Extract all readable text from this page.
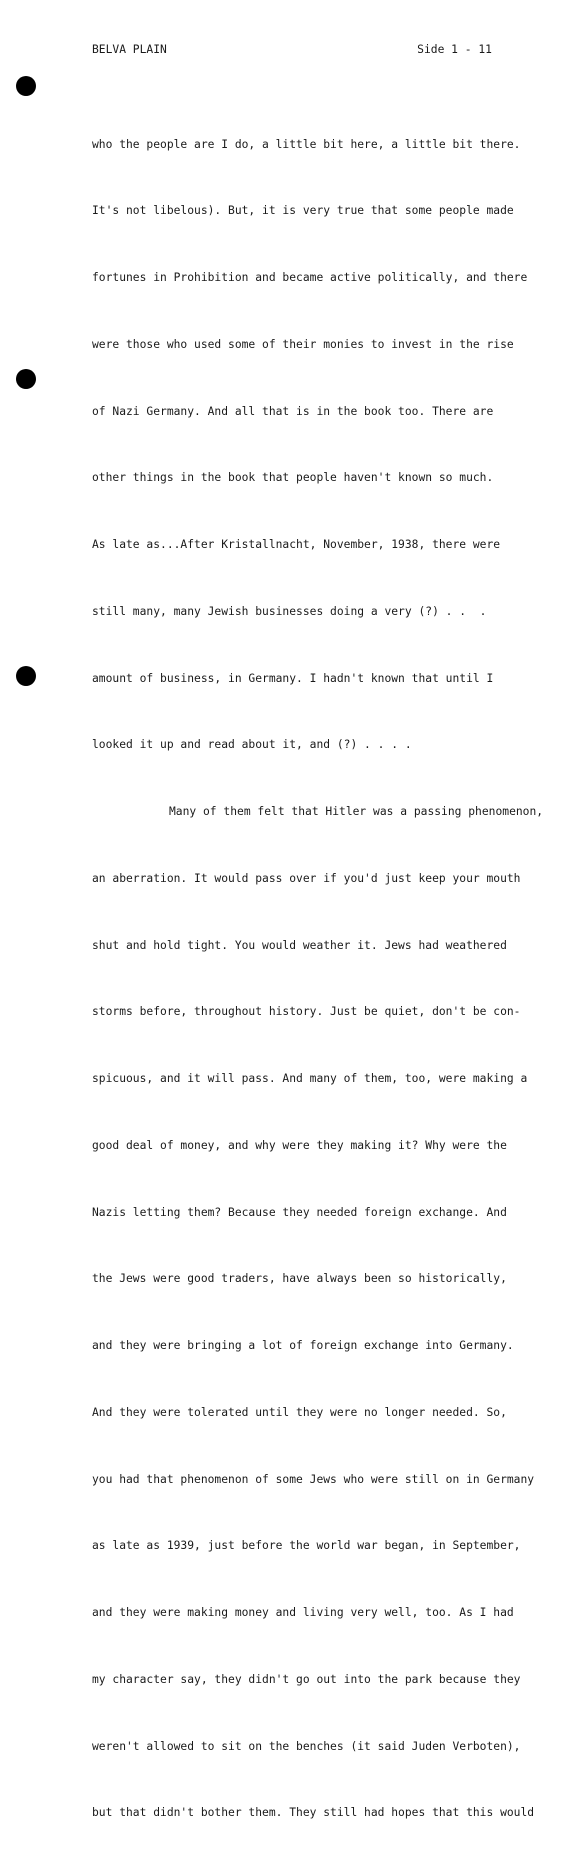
BELVA PLAIN	Side 1 - 11

who the people are I do, a little bit here, a little bit there.

It's not libelous). But, it is very true that some people made

fortunes in Prohibition and became active politically, and there

were those who used some of their monies to invest in the rise

of Nazi Germany. And all that is in the book too. There are

other things in the book that people haven't known so much.

As late as...After Kristallnacht, November, 1938, there were

still many, many Jewish businesses doing a very (?) . .  .

amount of business, in Germany. I hadn't known that until I

looked it up and read about it, and (?) . . . .

Many of them felt that Hitler was a passing phenomenon,

an aberration. It would pass over if you'd just keep your mouth

shut and hold tight. You would weather it. Jews had weathered

storms before, throughout history. Just be quiet, don't be con-

spicuous, and it will pass. And many of them, too, were making a

good deal of money, and why were they making it? Why were the

Nazis letting them? Because they needed foreign exchange. And

the Jews were good traders, have always been so historically,

and they were bringing a lot of foreign exchange into Germany.

And they were tolerated until they were no longer needed. So,

you had that phenomenon of some Jews who were still on in Germany

as late as 1939, just before the world war began, in September,

and they were making money and living very well, too. As I had

my character say, they didn't go out into the park because they

weren't allowed to sit on the benches (it said Juden Verboten),

but that didn't bother them. They still had hopes that this would
